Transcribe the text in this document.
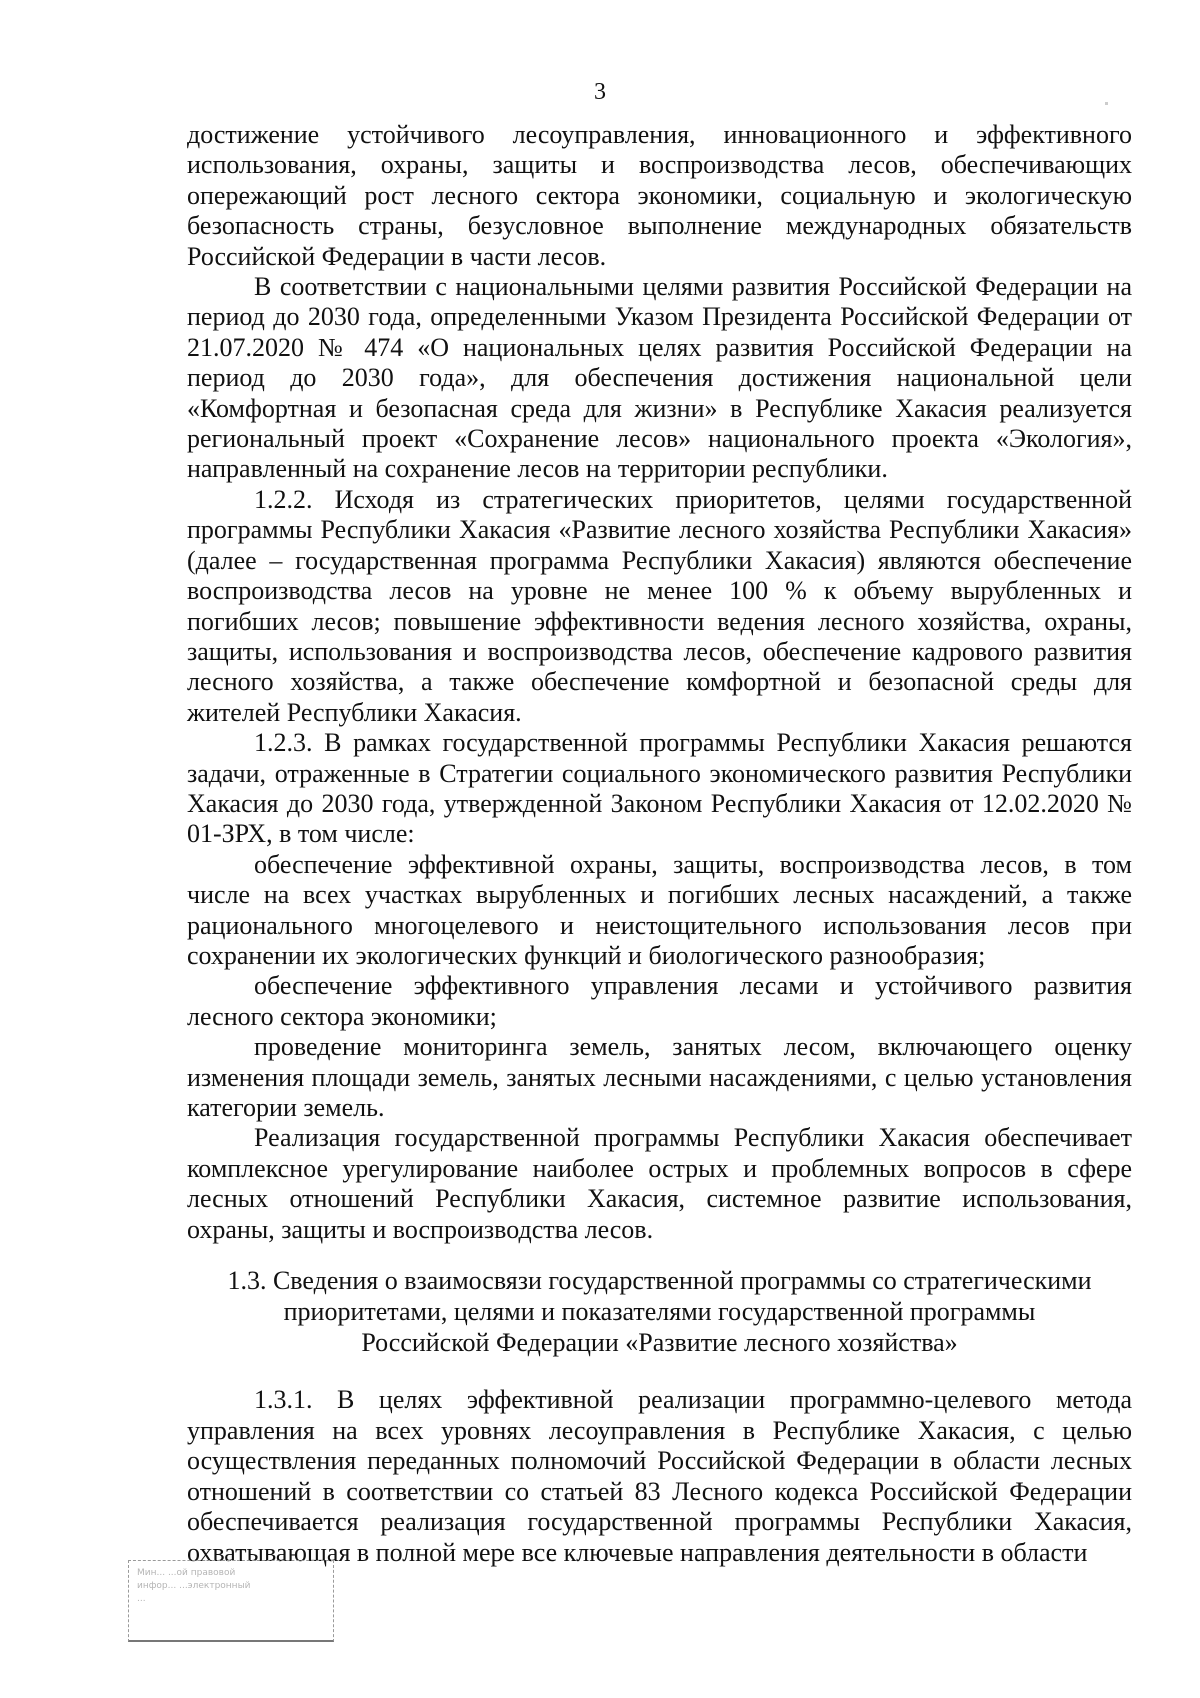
3

достижение устойчивого лесоуправления, инновационного и эффективного использования, охраны, защиты и воспроизводства лесов, обеспечивающих опережающий рост лесного сектора экономики, социальную и экологическую безопасность страны, безусловное выполнение международных обязательств Российской Федерации в части лесов.

В соответствии с национальными целями развития Российской Федерации на период до 2030 года, определенными Указом Президента Российской Федерации от 21.07.2020 № 474 «О национальных целях развития Российской Федерации на период до 2030 года», для обеспечения достижения национальной цели «Комфортная и безопасная среда для жизни» в Республике Хакасия реализуется региональный проект «Сохранение лесов» национального проекта «Экология», направленный на сохранение лесов на территории республики.

1.2.2. Исходя из стратегических приоритетов, целями государственной программы Республики Хакасия «Развитие лесного хозяйства Республики Хакасия» (далее – государственная программа Республики Хакасия) являются обеспечение воспроизводства лесов на уровне не менее 100 % к объему вырубленных и погибших лесов; повышение эффективности ведения лесного хозяйства, охраны, защиты, использования и воспроизводства лесов, обеспечение кадрового развития лесного хозяйства, а также обеспечение комфортной и безопасной среды для жителей Республики Хакасия.

1.2.3. В рамках государственной программы Республики Хакасия решаются задачи, отраженные в Стратегии социального экономического развития Республики Хакасия до 2030 года, утвержденной Законом Республики Хакасия от 12.02.2020 № 01-ЗРХ, в том числе:

обеспечение эффективной охраны, защиты, воспроизводства лесов, в том числе на всех участках вырубленных и погибших лесных насаждений, а также рационального многоцелевого и неистощительного использования лесов при сохранении их экологических функций и биологического разнообразия;

обеспечение эффективного управления лесами и устойчивого развития лесного сектора экономики;

проведение мониторинга земель, занятых лесом, включающего оценку изменения площади земель, занятых лесными насаждениями, с целью установления категории земель.

Реализация государственной программы Республики Хакасия обеспечивает комплексное урегулирование наиболее острых и проблемных вопросов в сфере лесных отношений Республики Хакасия, системное развитие использования, охраны, защиты и воспроизводства лесов.

1.3. Сведения о взаимосвязи государственной программы со стратегическими

приоритетами, целями и показателями государственной программы

Российской Федерации «Развитие лесного хозяйства»

1.3.1. В целях эффективной реализации программно-целевого метода управления на всех уровнях лесоуправления в Республике Хакасия, с целью осуществления переданных полномочий Российской Федерации в области лесных отношений в соответствии со статьей 83 Лесного кодекса Российской Федерации обеспечивается реализация государственной программы Республики Хакасия, охватывающая в полной мере все ключевые направления деятельности в области

Мин... ...ой правовой
инфор... ...электронный
...
